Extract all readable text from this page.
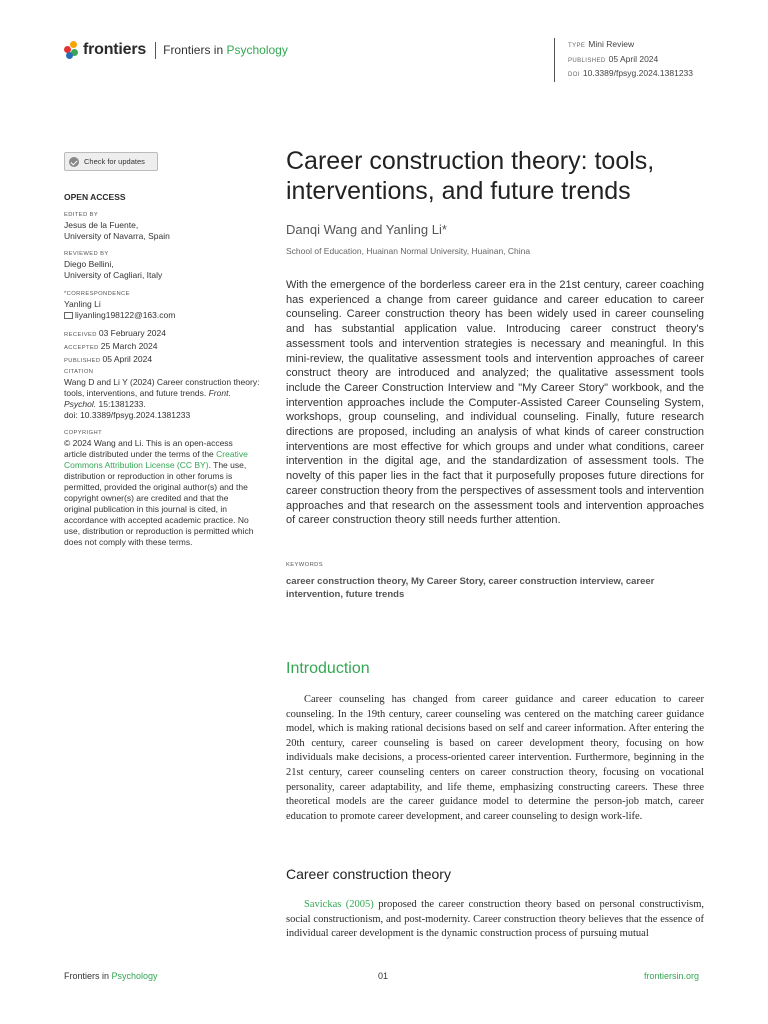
frontiers Frontiers in Psychology	TYPE Mini Review
PUBLISHED 05 April 2024
DOI 10.3389/fpsyg.2024.1381233
Check for updates
OPEN ACCESS
EDITED BY
Jesus de la Fuente,
University of Navarra, Spain
REVIEWED BY
Diego Bellini,
University of Cagliari, Italy
*CORRESPONDENCE
Yanling Li
liyanling198122@163.com
RECEIVED 03 February 2024
ACCEPTED 25 March 2024
PUBLISHED 05 April 2024
CITATION
Wang D and Li Y (2024) Career construction theory: tools, interventions, and future trends. Front. Psychol. 15:1381233.
doi: 10.3389/fpsyg.2024.1381233
COPYRIGHT
© 2024 Wang and Li. This is an open-access article distributed under the terms of the Creative Commons Attribution License (CC BY). The use, distribution or reproduction in other forums is permitted, provided the original author(s) and the copyright owner(s) are credited and that the original publication in this journal is cited, in accordance with accepted academic practice. No use, distribution or reproduction is permitted which does not comply with these terms.
Career construction theory: tools, interventions, and future trends
Danqi Wang and Yanling Li*
School of Education, Huainan Normal University, Huainan, China

With the emergence of the borderless career era in the 21st century, career coaching has experienced a change from career guidance and career education to career counseling. Career construction theory has been widely used in career counseling and has substantial application value. Introducing career construct theory's assessment tools and intervention strategies is necessary and meaningful. In this mini-review, the qualitative assessment tools and intervention approaches of career construct theory are introduced and analyzed; the qualitative assessment tools include the Career Construction Interview and "My Career Story" workbook, and the intervention approaches include the Computer-Assisted Career Counseling System, workshops, group counseling, and individual counseling. Finally, future research directions are proposed, including an analysis of what kinds of career construction interventions are most effective for which groups and under what conditions, career intervention in the digital age, and the standardization of assessment tools. The novelty of this paper lies in the fact that it purposefully proposes future directions for career construction theory from the perspectives of assessment tools and intervention approaches and that research on the assessment tools and intervention approaches of career construction theory still needs further attention.

KEYWORDS
career construction theory, My Career Story, career construction interview, career intervention, future trends
Introduction

Career counseling has changed from career guidance and career education to career counseling. In the 19th century, career counseling was centered on the matching career guidance model, which is making rational decisions based on self and career information. After entering the 20th century, career counseling is based on career development theory, focusing on how individuals make decisions, a process-oriented career intervention. Furthermore, beginning in the 21st century, career counseling centers on career construction theory, focusing on vocational personality, career adaptability, and life theme, emphasizing constructing careers. These three theoretical models are the career guidance model to determine the person-job match, career education to promote career development, and career counseling to design work-life.

Career construction theory

Savickas (2005) proposed the career construction theory based on personal constructivism, social constructionism, and post-modernity. Career construction theory believes that the essence of individual career development is the dynamic construction process of pursuing mutual

Frontiers in Psychology	01	frontiersin.org
